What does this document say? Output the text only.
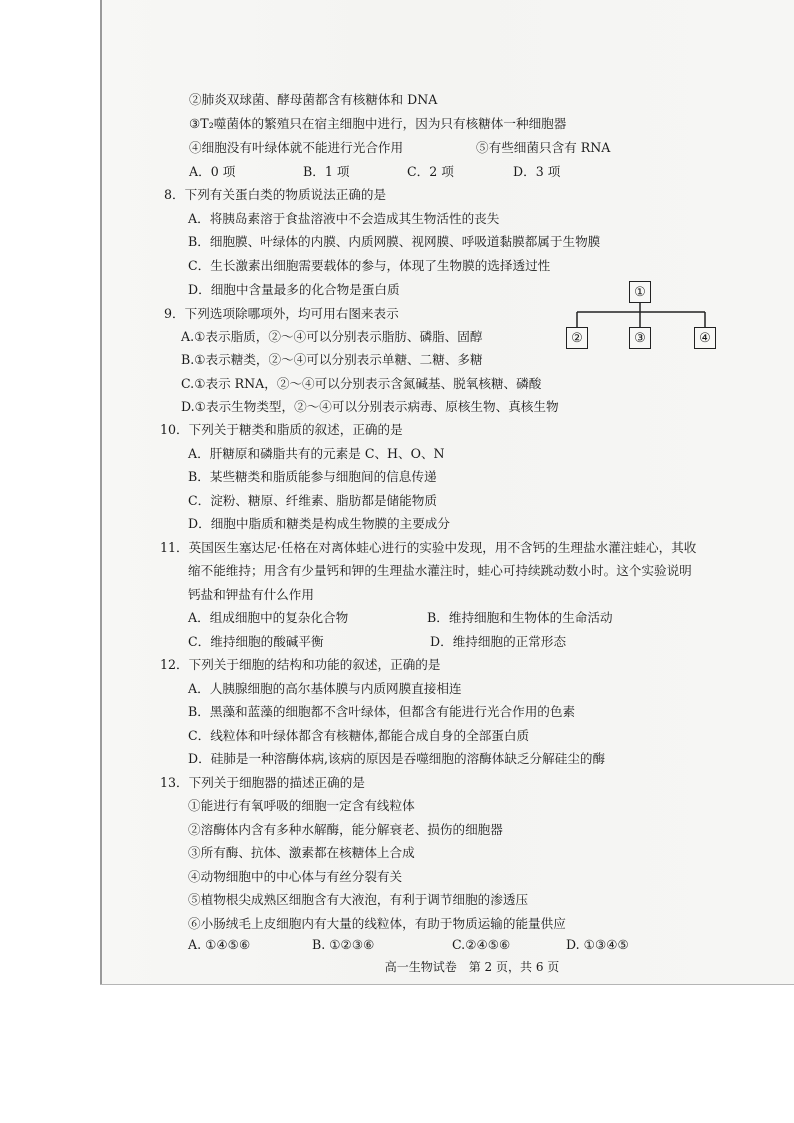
②肺炎双球菌、酵母菌都含有核糖体和 DNA
③T₂噬菌体的繁殖只在宿主细胞中进行，因为只有核糖体一种细胞器
④细胞没有叶绿体就不能进行光合作用	⑤有些细菌只含有 RNA
A．0 项	B．1 项	C．2 项	D．3 项
8．下列有关蛋白类的物质说法正确的是
A．将胰岛素溶于食盐溶液中不会造成其生物活性的丧失
B．细胞膜、叶绿体的内膜、内质网膜、视网膜、呼吸道黏膜都属于生物膜
C．生长激素出细胞需要载体的参与，体现了生物膜的选择透过性
D．细胞中含量最多的化合物是蛋白质
9．下列选项除哪项外，均可用右图来表示
A.①表示脂质，②～④可以分别表示脂肪、磷脂、固醇
B.①表示糖类，②～④可以分别表示单糖、二糖、多糖
C.①表示 RNA，②～④可以分别表示含氮碱基、脱氧核糖、磷酸
D.①表示生物类型，②～④可以分别表示病毒、原核生物、真核生物
①
②	③	④
10．下列关于糖类和脂质的叙述，正确的是
A．肝糖原和磷脂共有的元素是 C、H、O、N
B．某些糖类和脂质能参与细胞间的信息传递
C．淀粉、糖原、纤维素、脂肪都是储能物质
D．细胞中脂质和糖类是构成生物膜的主要成分
11．英国医生塞达尼·任格在对离体蛙心进行的实验中发现，用不含钙的生理盐水灌注蛙心，其收
缩不能维持；用含有少量钙和钾的生理盐水灌注时，蛙心可持续跳动数小时。这个实验说明
钙盐和钾盐有什么作用
A．组成细胞中的复杂化合物	B．维持细胞和生物体的生命活动
C．维持细胞的酸碱平衡	D．维持细胞的正常形态
12．下列关于细胞的结构和功能的叙述，正确的是
A．人胰腺细胞的高尔基体膜与内质网膜直接相连
B．黑藻和蓝藻的细胞都不含叶绿体，但都含有能进行光合作用的色素
C．线粒体和叶绿体都含有核糖体,都能合成自身的全部蛋白质
D．硅肺是一种溶酶体病,该病的原因是吞噬细胞的溶酶体缺乏分解硅尘的酶
13．下列关于细胞器的描述正确的是
①能进行有氧呼吸的细胞一定含有线粒体
②溶酶体内含有多种水解酶，能分解衰老、损伤的细胞器
③所有酶、抗体、激素都在核糖体上合成
④动物细胞中的中心体与有丝分裂有关
⑤植物根尖成熟区细胞含有大液泡，有利于调节细胞的渗透压
⑥小肠绒毛上皮细胞内有大量的线粒体，有助于物质运输的能量供应
A. ①④⑤⑥	B. ①②③⑥	C.②④⑤⑥	D. ①③④⑤
高一生物试卷　第 2 页，共 6 页
